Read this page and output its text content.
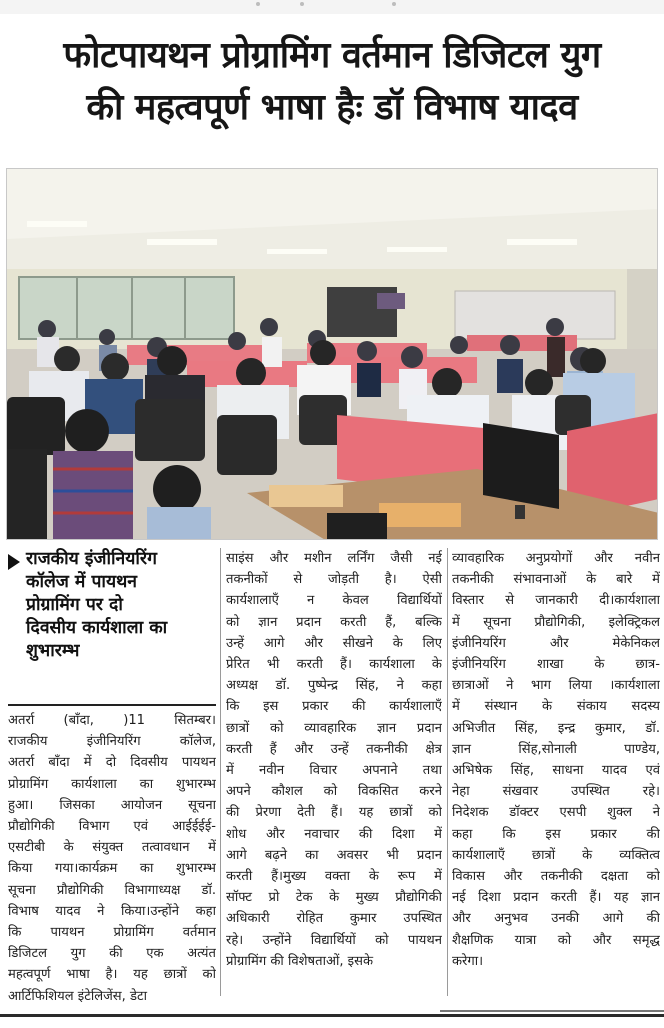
फोटपायथन प्रोग्रामिंग वर्तमान डिजिटल युग
की महत्वपूर्ण भाषा हैः डॉ विभाष यादव

राजकीय इंजीनियरिंग

कॉलेज में पायथन

प्रोग्रामिंग पर दो

दिवसीय कार्यशाला का

शुभारम्भ

अतर्रा (बाँदा, )11 सितम्बर।
राजकीय इंजीनियरिंग कॉलेज,
अतर्रा बाँदा में दो दिवसीय पायथन
प्रोग्रामिंग कार्यशाला का शुभारम्भ
हुआ। जिसका आयोजन सूचना
प्रौद्योगिकी विभाग एवं आईईईई-
एसटीबी के संयुक्त तत्वावधान में
किया गया।कार्यक्रम का शुभारम्भ
सूचना प्रौद्योगिकी विभागाध्यक्ष डॉ.
विभाष यादव ने किया।उन्होंने कहा
कि पायथन प्रोग्रामिंग वर्तमान
डिजिटल युग की एक अत्यंत
महत्वपूर्ण भाषा है। यह छात्रों को
आर्टिफिशियल इंटेलिजेंस, डेटा
साइंस और मशीन लर्निंग जैसी नई
तकनीकों से जोड़ती है। ऐसी
कार्यशालाएँ न केवल विद्यार्थियों
को ज्ञान प्रदान करती हैं, बल्कि
उन्हें आगे और सीखने के लिए
प्रेरित भी करती हैं। कार्यशाला के
अध्यक्ष डॉ. पुष्पेन्द्र सिंह, ने कहा
कि इस प्रकार की कार्यशालाएँ
छात्रों को व्यावहारिक ज्ञान प्रदान
करती हैं और उन्हें तकनीकी क्षेत्र
में नवीन विचार अपनाने तथा
अपने कौशल को विकसित करने
की प्रेरणा देती हैं। यह छात्रों को
शोध और नवाचार की दिशा में
आगे बढ़ने का अवसर भी प्रदान
करती हैं।मुख्य वक्ता के रूप में
सॉफ्ट प्रो टेक के मुख्य प्रौद्योगिकी
अधिकारी रोहित कुमार उपस्थित
रहे। उन्होंने विद्यार्थियों को पायथन
प्रोग्रामिंग की विशेषताओं, इसके
व्यावहारिक अनुप्रयोगों और नवीन
तकनीकी संभावनाओं के बारे में
विस्तार से जानकारी दी।कार्यशाला
में सूचना प्रौद्योगिकी, इलेक्ट्रिकल
इंजीनियरिंग और मेकेनिकल
इंजीनियरिंग शाखा के छात्र-
छात्राओं ने भाग लिया ।कार्यशाला
में संस्थान के संकाय सदस्य
अभिजीत सिंह, इन्द्र कुमार, डॉ.
ज्ञान सिंह,सोनाली पाण्डेय,
अभिषेक सिंह, साधना यादव एवं
नेहा संखवार उपस्थित रहे।
निदेशक डॉक्टर एसपी शुक्ल ने
कहा कि इस प्रकार की
कार्यशालाएँ छात्रों के व्यक्तित्व
विकास और तकनीकी दक्षता को
नई दिशा प्रदान करती हैं। यह ज्ञान
और अनुभव उनकी आगे की
शैक्षणिक यात्रा को और समृद्ध
करेगा।
